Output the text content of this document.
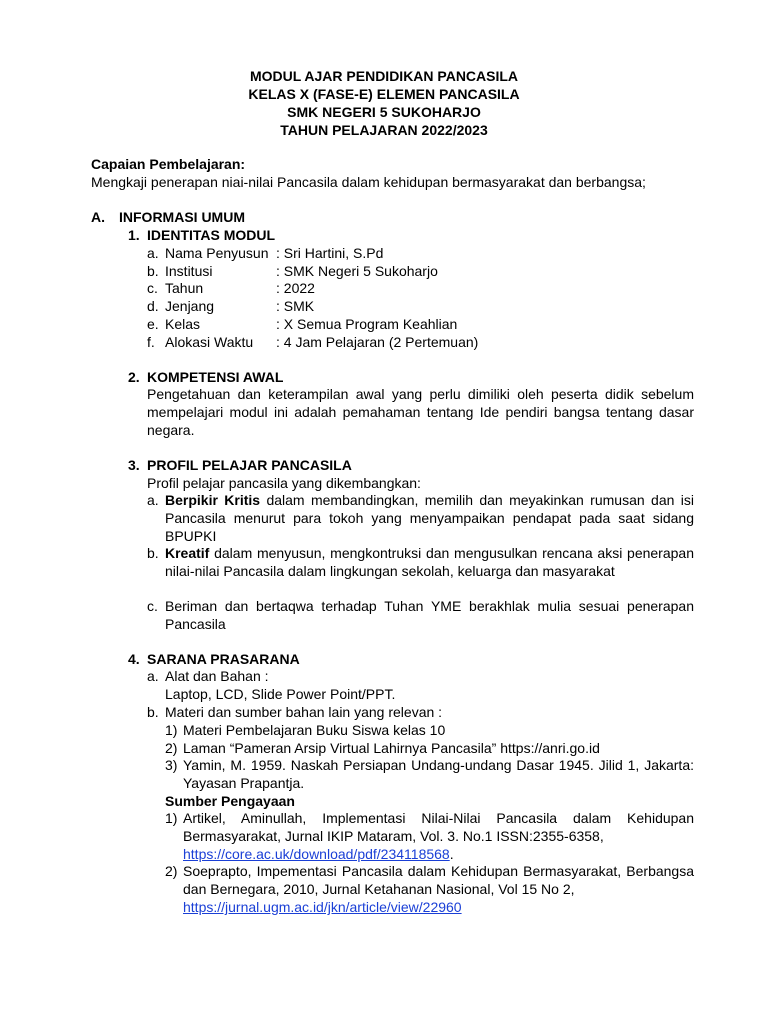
MODUL AJAR PENDIDIKAN PANCASILA
KELAS X (FASE-E) ELEMEN PANCASILA
SMK NEGERI 5 SUKOHARJO
TAHUN PELAJARAN 2022/2023
Capaian Pembelajaran:
Mengkaji penerapan niai-nilai Pancasila dalam kehidupan bermasyarakat dan berbangsa;
A. INFORMASI UMUM
1. IDENTITAS MODUL
a. Nama Penyusun : Sri Hartini, S.Pd
b. Institusi	: SMK Negeri 5 Sukoharjo
c. Tahun	: 2022
d. Jenjang	: SMK
e. Kelas	: X Semua Program Keahlian
f. Alokasi Waktu : 4 Jam Pelajaran (2 Pertemuan)
2. KOMPETENSI AWAL
Pengetahuan dan keterampilan awal yang perlu dimiliki oleh peserta didik sebelum mempelajari modul ini adalah pemahaman tentang Ide pendiri bangsa tentang dasar negara.
3. PROFIL PELAJAR PANCASILA
Profil pelajar pancasila yang dikembangkan:
a. Berpikir Kritis dalam membandingkan, memilih dan meyakinkan rumusan dan isi Pancasila menurut para tokoh yang menyampaikan pendapat pada saat sidang BPUPKI
b. Kreatif dalam menyusun, mengkontruksi dan mengusulkan rencana aksi penerapan nilai-nilai Pancasila dalam lingkungan sekolah, keluarga dan masyarakat
c. Beriman dan bertaqwa terhadap Tuhan YME berakhlak mulia sesuai penerapan Pancasila
4. SARANA PRASARANA
a. Alat dan Bahan :
Laptop, LCD, Slide Power Point/PPT.
b. Materi dan sumber bahan lain yang relevan :
1) Materi Pembelajaran Buku Siswa kelas 10
2) Laman “Pameran Arsip Virtual Lahirnya Pancasila” https://anri.go.id
3) Yamin, M. 1959. Naskah Persiapan Undang-undang Dasar 1945. Jilid 1, Jakarta: Yayasan Prapantja.
Sumber Pengayaan
1) Artikel, Aminullah, Implementasi Nilai-Nilai Pancasila dalam Kehidupan Bermasyarakat, Jurnal IKIP Mataram, Vol. 3. No.1 ISSN:2355-6358,
https://core.ac.uk/download/pdf/234118568.
2) Soeprapto, Impementasi Pancasila dalam Kehidupan Bermasyarakat, Berbangsa dan Bernegara, 2010, Jurnal Ketahanan Nasional, Vol 15 No 2,
https://jurnal.ugm.ac.id/jkn/article/view/22960
